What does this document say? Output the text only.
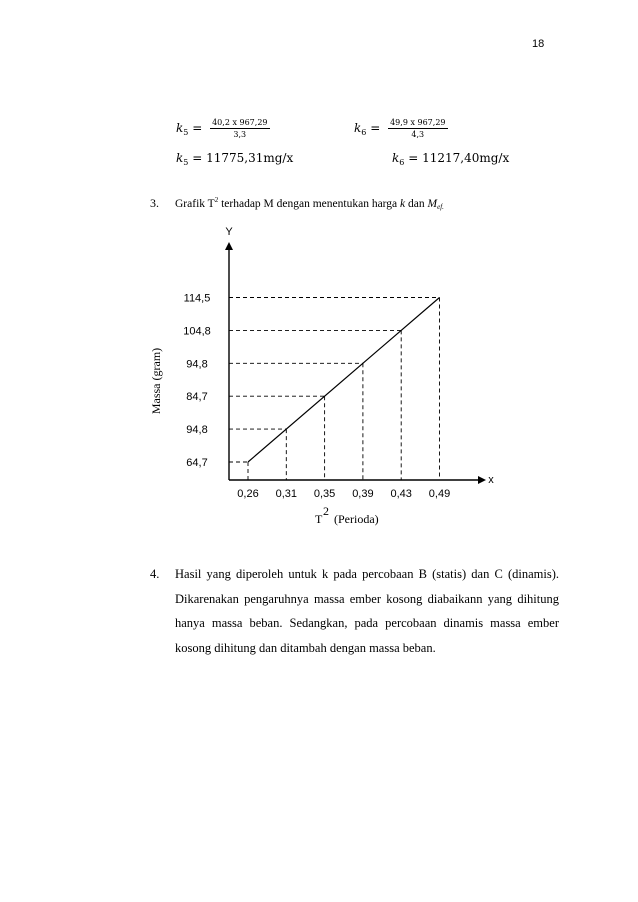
18
$k_5 = \frac{40,2 x 967,29}{3,3}$
$k_5 = 11775,31mg/x$
$k_6 = \frac{49,9 x 967,29}{4,3}$
$k_6 = 11217,40mg/x$
3. Grafik $T^2$ terhadap M dengan menentukan harga k dan Mef.
Y
x
64,7
94,8
84,7
94,8
104,8
114,5
0,26 0,31 0,35 0,39 0,43 0,49
Massa (gram)
T
2
(Perioda)
4. Hasil yang diperoleh untuk k pada percobaan B (statis) dan C (dinamis). Dikarenakan pengaruhnya massa ember kosong diabaikann yang dihitung hanya massa beban. Sedangkan, pada percobaan dinamis massa ember kosong dihitung dan ditambah dengan massa beban.
